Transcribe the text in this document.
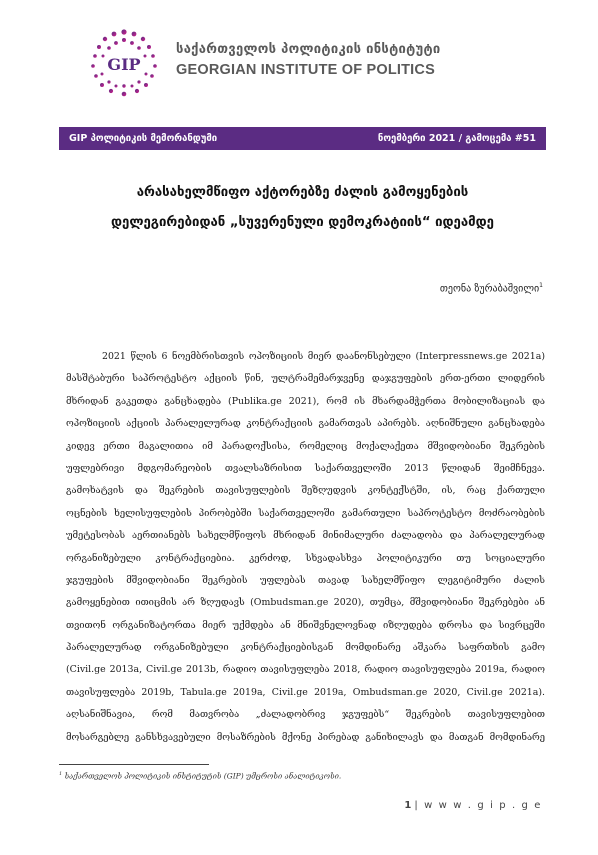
GIP
საქართველოს პოლიტიკის ინსტიტუტი
GEORGIAN INSTITUTE OF POLITICS
GIP პოლიტიკის მემორანდუმი	ნოემბერი 2021 / გამოცემა #51
არასახელმწიფო აქტორებზე ძალის გამოყენების
დელეგირებიდან „სუვერენული დემოკრატიის“ იდეამდე
თეონა ზურაბაშვილი$^1$
2021 წლის 6 ნოემბრისთვის ოპოზიციის მიერ დაანონსებული (Interpressnews.ge 2021a)
მასშტაბური საპროტესტო აქციის წინ, ულტრამემარჯვენე დაჯგუფების ერთ-ერთი ლიდერის
მხრიდან გაკეთდა განცხადება (Publika.ge 2021), რომ ის მხარდამჭერთა მობილიზაციას და
ოპოზიციის აქციის პარალელურად კონტრაქციის გამართვას აპირებს. აღნიშნული განცხადება
კიდევ ერთი მაგალითია იმ პარადოქსისა, რომელიც მოქალაქეთა მშვიდობიანი შეკრების
უფლებრივი მდგომარეობის თვალსაზრისით საქართველოში 2013 წლიდან შეიმჩნევა.
გამოხატვის და შეკრების თავისუფლების შეზღუდვის კონტექსტში, ის, რაც ქართული
ოცნების ხელისუფლების პირობებში საქართველოში გამართული საპროტესტო მოძრაობების
უმეტესობას აერთიანებს სახელმწიფოს მხრიდან მინიმალური ძალადობა და პარალელურად
ორგანიზებული კონტრაქციებია. კერძოდ, სხვადასხვა პოლიტიკური თუ სოციალური
ჯგუფების მშვიდობიანი შეკრების უფლებას თავად სახელმწიფო ლეგიტიმური ძალის
გამოყენებით ითიცმის არ ზღუდავს (Ombudsman.ge 2020), თუმცა, მშვიდობიანი შეკრებები ან
თვითონ ორგანიზატორთა მიერ უქმდება ან მნიშვნელოვნად იზღუდება დროსა და სივრცეში
პარალელურად ორგანიზებული კონტრაქციებისგან მომდინარე აშკარა საფრთხის გამო
(Civil.ge 2013a, Civil.ge 2013b, რადიო თავისუფლება 2018, რადიო თავისუფლება 2019a, რადიო
თავისუფლება 2019b, Tabula.ge 2019a, Civil.ge 2019a, Ombudsman.ge 2020, Civil.ge 2021a).
აღსანიშნავია, რომ მათვრობა „ძალადობრივ ჯგუფებს“ შეკრების თავისუფლებით
მოსარგებლე განსხვავებული მოსაზრების მქონე პირებად განიხილავს და მათგან მომდინარე
$^1$ საქართველოს პოლიტიკის ინსტიტუტის (GIP) უმცროსი ანალიტიკოსი.
1 | w w w . g i p . g e
